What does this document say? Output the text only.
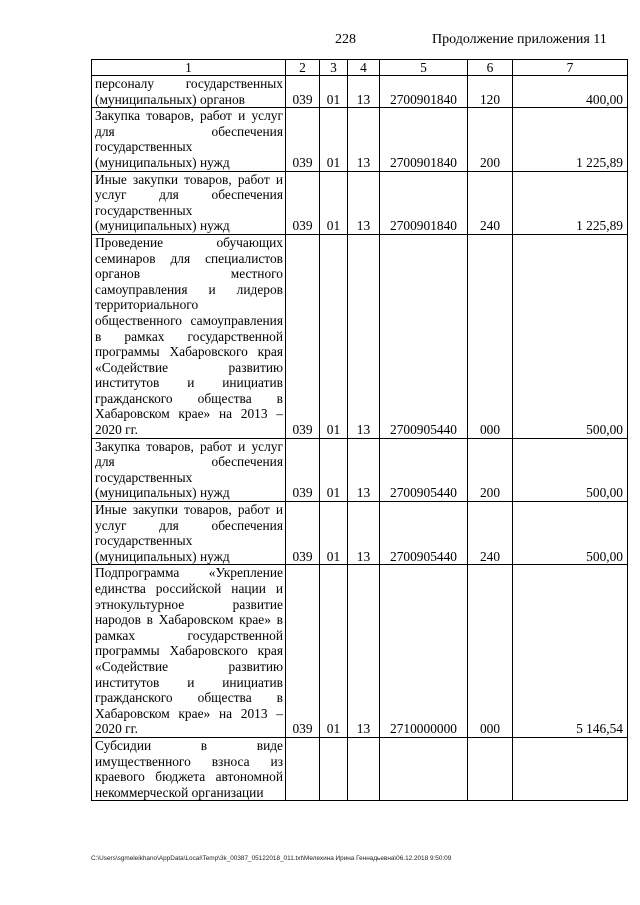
228	Продолжение приложения 11
1	2	3	4	5	6	7
персоналу государственных (муниципальных) органов	039	01	13	2700901840	120	400,00
Закупка товаров, работ и услуг для обеспечения государственных (муниципальных) нужд	039	01	13	2700901840	200	1 225,89
Иные закупки товаров, работ и услуг для обеспечения государственных (муниципальных) нужд	039	01	13	2700901840	240	1 225,89
Проведение обучающих семинаров для специалистов органов местного самоуправления и лидеров территориального общественного самоуправления в рамках государственной программы Хабаровского края «Содействие развитию институтов и инициатив гражданского общества в Хабаровском крае» на 2013 – 2020 гг.	039	01	13	2700905440	000	500,00
Закупка товаров, работ и услуг для обеспечения государственных (муниципальных) нужд	039	01	13	2700905440	200	500,00
Иные закупки товаров, работ и услуг для обеспечения государственных (муниципальных) нужд	039	01	13	2700905440	240	500,00
Подпрограмма «Укрепление единства российской нации и этнокультурное развитие народов в Хабаровском крае» в рамках государственной программы Хабаровского края «Содействие развитию институтов и инициатив гражданского общества в Хабаровском крае» на 2013 – 2020 гг.	039	01	13	2710000000	000	5 146,54
Субсидии в виде имущественного взноса из краевого бюджета автономной некоммерческой организации						
C:\Users\sgmeleikhano\AppData\Local\Temp\3k_00387_05122018_011.txt\Мелехина Ирина Геннадьевна\06.12.2018 9:50:09
